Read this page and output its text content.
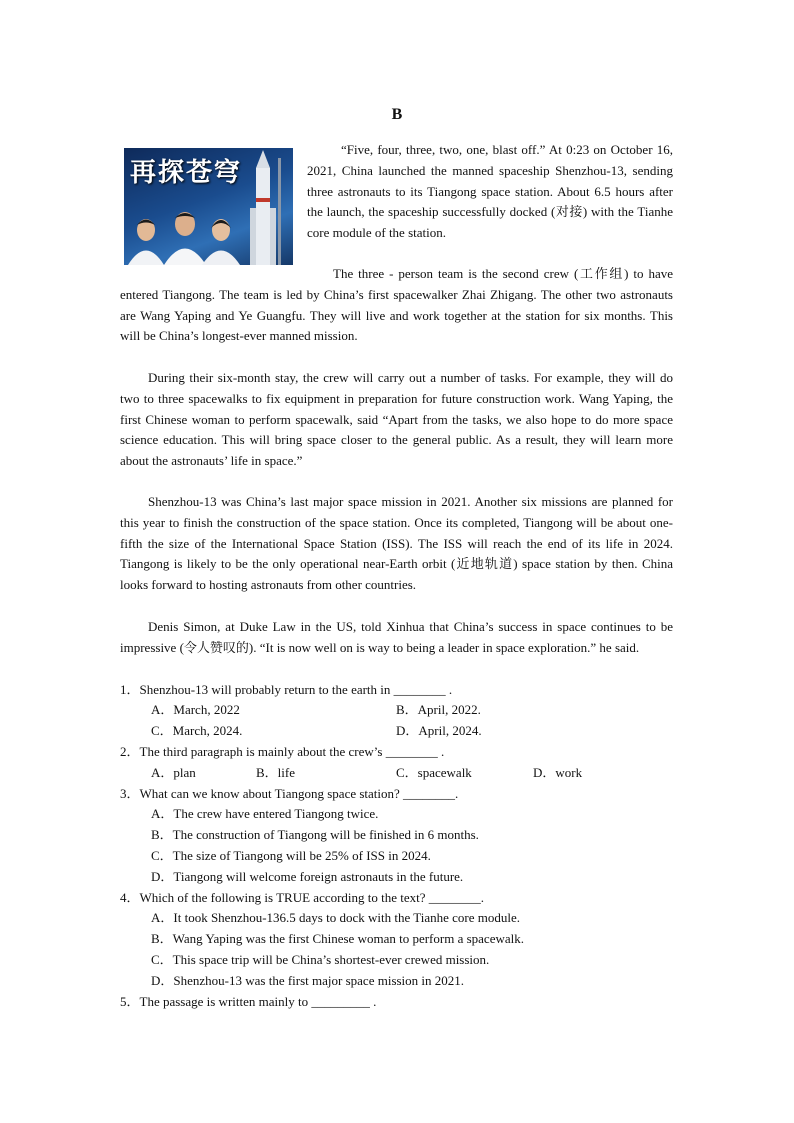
B
再探苍穹

“Five, four, three, two, one, blast off.” At 0:23 on October 16, 2021, China launched the manned spaceship Shenzhou-13, sending three astronauts to its Tiangong space station. About 6.5 hours after the launch, the spaceship successfully docked (对接) with the Tianhe core module of the station.

The three - person team is the second crew (工作组) to have entered Tiangong. The team is led by China’s first spacewalker Zhai Zhigang. The other two astronauts are Wang Yaping and Ye Guangfu. They will live and work together at the station for six months. This will be China’s longest-ever manned mission.

During their six-month stay, the crew will carry out a number of tasks. For example, they will do two to three spacewalks to fix equipment in preparation for future construction work. Wang Yaping, the first Chinese woman to perform spacewalk, said “Apart from the tasks, we also hope to do more space science education. This will bring space closer to the general public. As a result, they will learn more about the astronauts’ life in space.”

Shenzhou-13 was China’s last major space mission in 2021. Another six missions are planned for this year to finish the construction of the space station. Once its completed, Tiangong will be about one-fifth the size of the International Space Station (ISS). The ISS will reach the end of its life in 2024. Tiangong is likely to be the only operational near-Earth orbit (近地轨道) space station by then. China looks forward to hosting astronauts from other countries.

Denis Simon, at Duke Law in the US, told Xinhua that China’s success in space continues to be impressive (令人赞叹的). “It is now well on is way to being a leader in space exploration.” he said.

1．Shenzhou-13 will probably return to the earth in ________ .

A．March, 2022	B．April, 2022.

C．March, 2024.	D．April, 2024.

2．The third paragraph is mainly about the crew’s ________ .

A．plan	B．life	C．spacewalk	D．work

3．What can we know about Tiangong space station? ________.

A．The crew have entered Tiangong twice.

B．The construction of Tiangong will be finished in 6 months.

C．The size of Tiangong will be 25% of ISS in 2024.

D．Tiangong will welcome foreign astronauts in the future.

4．Which of the following is TRUE according to the text? ________.

A．It took Shenzhou-136.5 days to dock with the Tianhe core module.

B．Wang Yaping was the first Chinese woman to perform a spacewalk.

C．This space trip will be China’s shortest-ever crewed mission.

D．Shenzhou-13 was the first major space mission in 2021.

5．The passage is written mainly to _________ .
